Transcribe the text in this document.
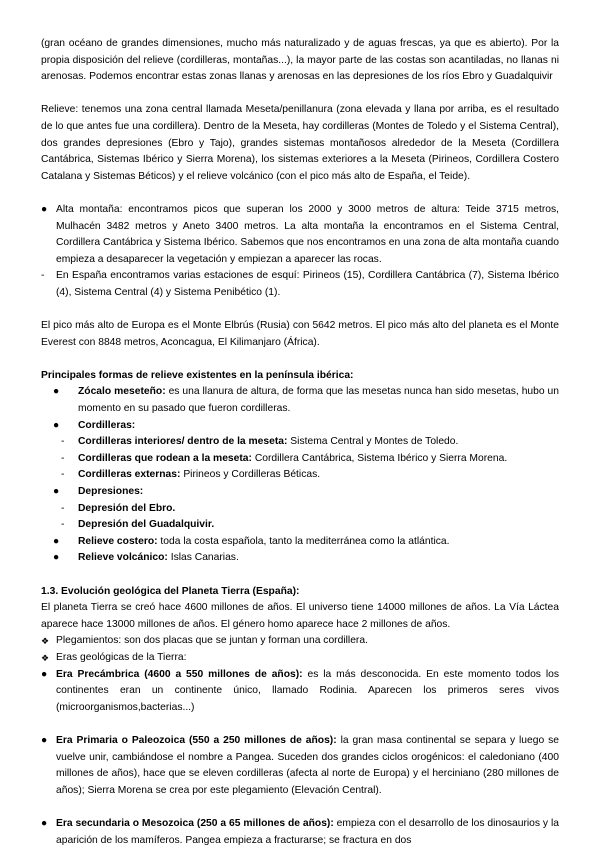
(gran océano de grandes dimensiones, mucho más naturalizado y de aguas frescas, ya que es abierto). Por la propia disposición del relieve (cordilleras, montañas...), la mayor parte de las costas son acantiladas, no llanas ni arenosas. Podemos encontrar estas zonas llanas y arenosas en las depresiones de los ríos Ebro y Guadalquivir

Relieve: tenemos una zona central llamada Meseta/penillanura (zona elevada y llana por arriba, es el resultado de lo que antes fue una cordillera). Dentro de la Meseta, hay cordilleras (Montes de Toledo y el Sistema Central), dos grandes depresiones (Ebro y Tajo), grandes sistemas montañosos alrededor de la Meseta (Cordillera Cantábrica, Sistemas Ibérico y Sierra Morena), los sistemas exteriores a la Meseta (Pirineos, Cordillera Costero Catalana y Sistemas Béticos) y el relieve volcánico (con el pico más alto de España, el Teide).

● Alta montaña: encontramos picos que superan los 2000 y 3000 metros de altura: Teide 3715 metros, Mulhacén 3482 metros y Aneto 3400 metros. La alta montaña la encontramos en el Sistema Central, Cordillera Cantábrica y Sistema Ibérico. Sabemos que nos encontramos en una zona de alta montaña cuando empieza a desaparecer la vegetación y empiezan a aparecer las rocas.
-	En España encontramos varias estaciones de esquí: Pirineos (15), Cordillera Cantábrica (7), Sistema Ibérico (4), Sistema Central (4) y Sistema Penibético (1).

El pico más alto de Europa es el Monte Elbrús (Rusia) con 5642 metros. El pico más alto del planeta es el Monte Everest con 8848 metros, Aconcagua, El Kilimanjaro (África).

Principales formas de relieve existentes en la península ibérica:

●	Zócalo meseteño: es una llanura de altura, de forma que las mesetas nunca han sido mesetas, hubo un momento en su pasado que fueron cordilleras.
●	Cordilleras:
-	Cordilleras interiores/ dentro de la meseta: Sistema Central y Montes de Toledo.
-	Cordilleras que rodean a la meseta: Cordillera Cantábrica, Sistema Ibérico y Sierra Morena.
-	Cordilleras externas: Pirineos y Cordilleras Béticas.
●	Depresiones:
-	Depresión del Ebro.
-	Depresión del Guadalquivir.
●	Relieve costero: toda la costa española, tanto la mediterránea como la atlántica.
●	Relieve volcánico: Islas Canarias.

1.3. Evolución geológica del Planeta Tierra (España):

El planeta Tierra se creó hace 4600 millones de años. El universo tiene 14000 millones de años. La Vía Láctea aparece hace 13000 millones de años. El género homo aparece hace 2 millones de años.

❖ Plegamientos: son dos placas que se juntan y forman una cordillera.
❖ Eras geológicas de la Tierra:
● Era Precámbrica (4600 a 550 millones de años): es la más desconocida. En este momento todos los continentes eran un continente único, llamado Rodinia. Aparecen los primeros seres vivos (microorganismos,bacterias...)
● Era Primaria o Paleozoica (550 a 250 millones de años): la gran masa continental se separa y luego se vuelve unir, cambiándose el nombre a Pangea. Suceden dos grandes ciclos orogénicos: el caledoniano (400 millones de años), hace que se eleven cordilleras (afecta al norte de Europa) y el herciniano (280 millones de años); Sierra Morena se crea por este plegamiento (Elevación Central).
● Era secundaria o Mesozoica (250 a 65 millones de años): empieza con el desarrollo de los dinosaurios y la aparición de los mamíferos. Pangea empieza a fracturarse; se fractura en dos
